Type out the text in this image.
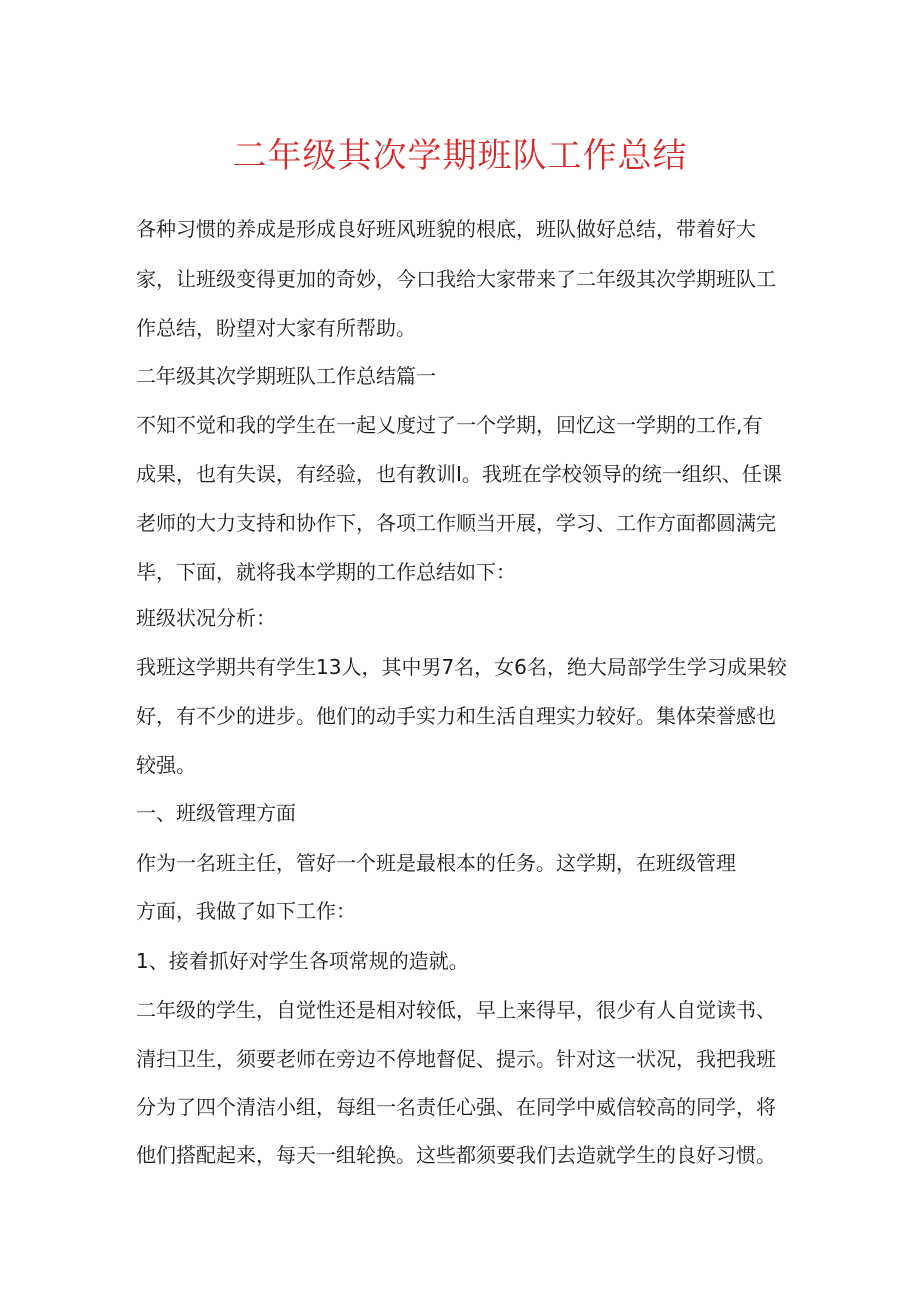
二年级其次学期班队工作总结
各种习惯的养成是形成良好班风班貌的根底，班队做好总结，带着好大
家，让班级变得更加的奇妙，今口我给大家带来了二年级其次学期班队工
作总结，盼望对大家有所帮助。
二年级其次学期班队工作总结篇一
不知不觉和我的学生在一起乂度过了一个学期，回忆这一学期的工作,有
成果，也有失误，有经验，也有教训I。我班在学校领导的统一组织、任课
老师的大力支持和协作下，各项工作顺当开展，学习、工作方面都圆满完
毕，下面，就将我本学期的工作总结如下：
班级状况分析：
我班这学期共有学生13人，其中男7名，女6名，绝大局部学生学习成果较
好，有不少的进步。他们的动手实力和生活自理实力较好。集体荣誉感也
较强。
一、班级管理方面
作为一名班主任，管好一个班是最根本的任务。这学期，在班级管理
方面，我做了如下工作：
1、接着抓好对学生各项常规的造就。
二年级的学生，自觉性还是相对较低，早上来得早，很少有人自觉读书、
清扫卫生，须要老师在旁边不停地督促、提示。针对这一状况，我把我班
分为了四个清洁小组，每组一名责任心强、在同学中威信较高的同学，将
他们搭配起来，每天一组轮换。这些都须要我们去造就学生的良好习惯。
